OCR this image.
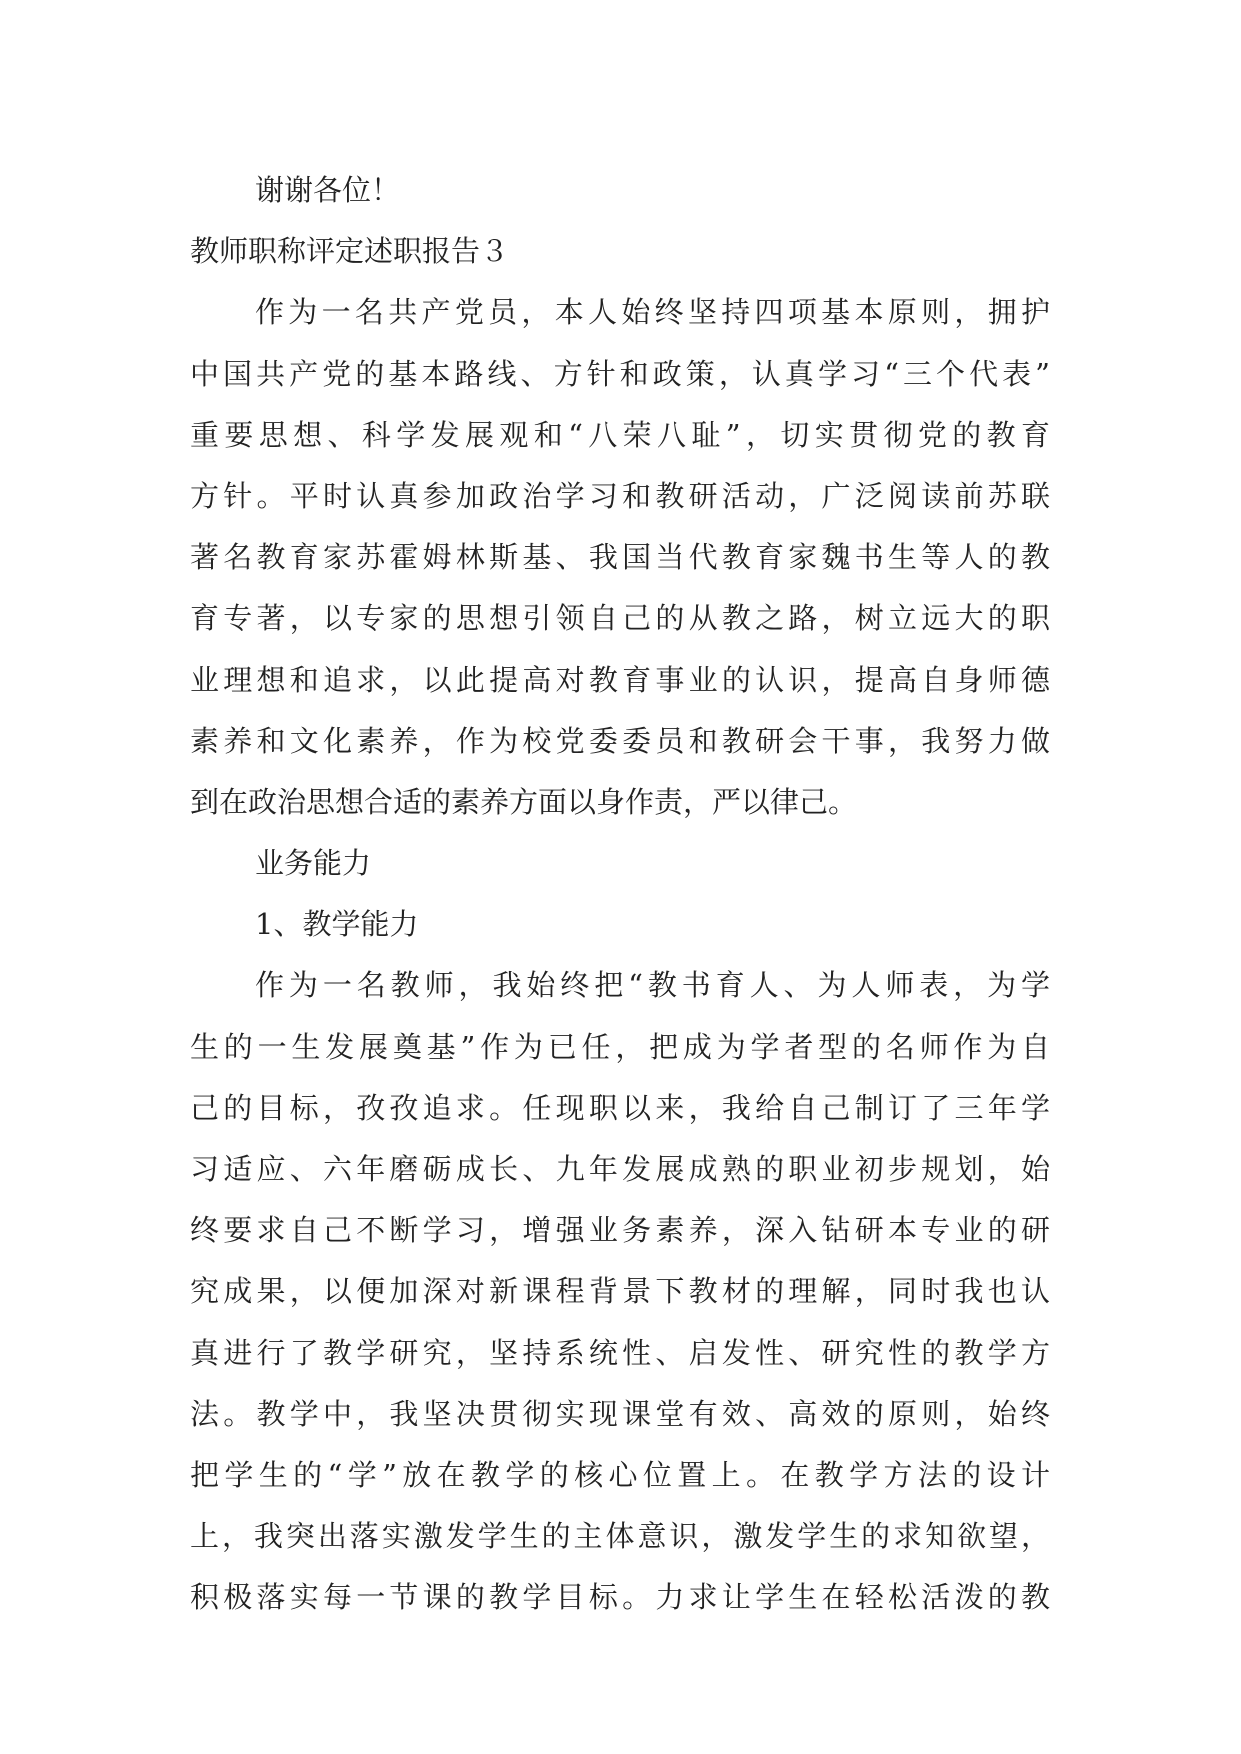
谢谢各位！
教师职称评定述职报告３
作为一名共产党员，本人始终坚持四项基本原则，拥护
中国共产党的基本路线、方针和政策，认真学习“三个代表”
重要思想、科学发展观和“八荣八耻”，切实贯彻党的教育
方针。平时认真参加政治学习和教研活动，广泛阅读前苏联
著名教育家苏霍姆林斯基、我国当代教育家魏书生等人的教
育专著，以专家的思想引领自己的从教之路，树立远大的职
业理想和追求，以此提高对教育事业的认识，提高自身师德
素养和文化素养，作为校党委委员和教研会干事，我努力做
到在政治思想合适的素养方面以身作责，严以律己。
业务能力
1、教学能力
作为一名教师，我始终把“教书育人、为人师表，为学
生的一生发展奠基”作为已任，把成为学者型的名师作为自
己的目标，孜孜追求。任现职以来，我给自己制订了三年学
习适应、六年磨砺成长、九年发展成熟的职业初步规划，始
终要求自己不断学习，增强业务素养，深入钻研本专业的研
究成果，以便加深对新课程背景下教材的理解，同时我也认
真进行了教学研究，坚持系统性、启发性、研究性的教学方
法。教学中，我坚决贯彻实现课堂有效、高效的原则，始终
把学生的“学”放在教学的核心位置上。在教学方法的设计
上，我突出落实激发学生的主体意识，激发学生的求知欲望，
积极落实每一节课的教学目标。力求让学生在轻松活泼的教
